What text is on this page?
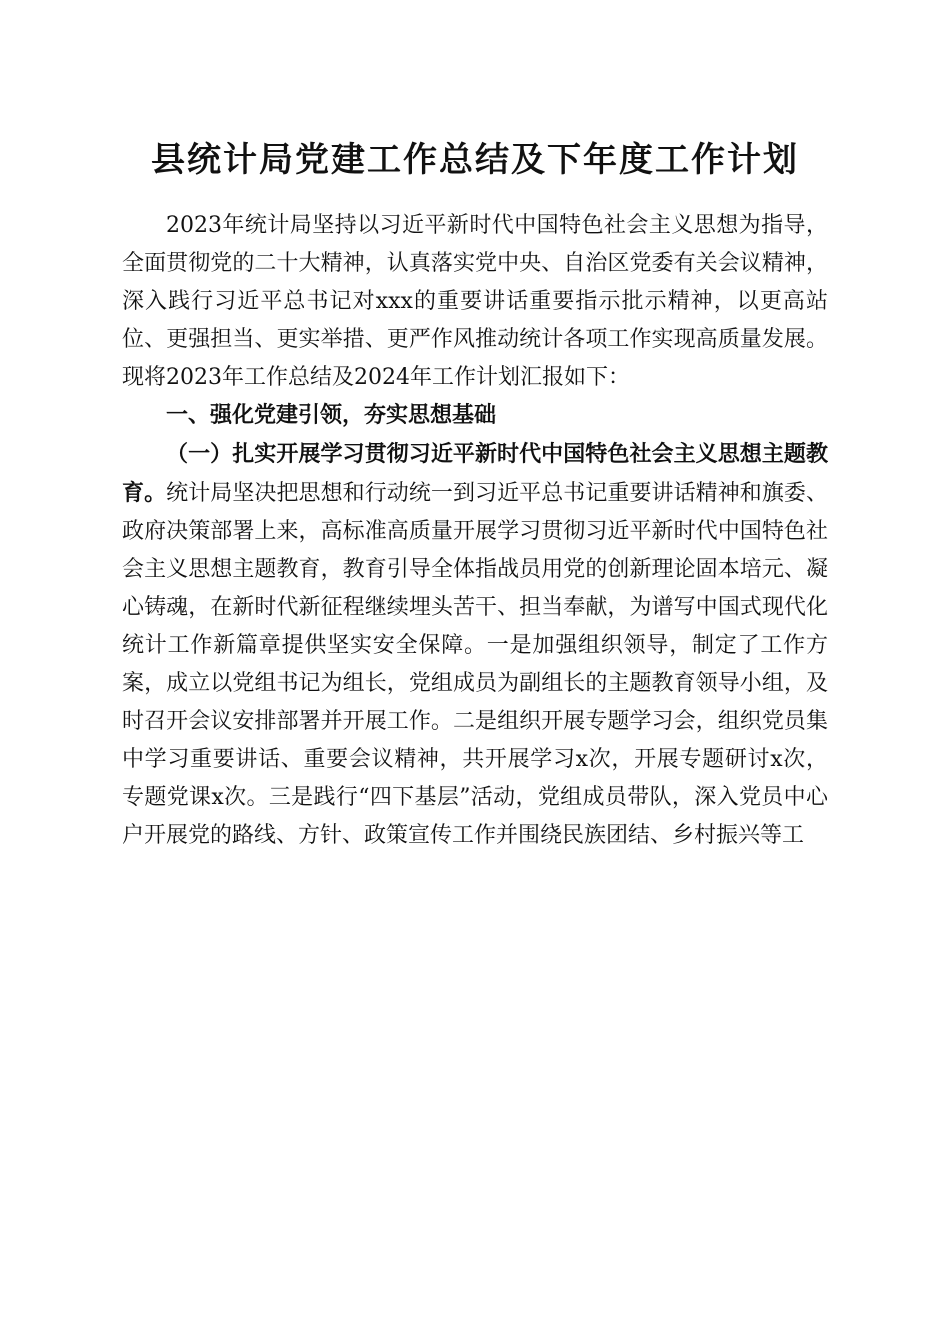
县统计局党建工作总结及下年度工作计划

2023年统计局坚持以习近平新时代中国特色社会主义思想为指导，全面贯彻党的二十大精神，认真落实党中央、自治区党委有关会议精神，深入践行习近平总书记对xxx的重要讲话重要指示批示精神，以更高站位、更强担当、更实举措、更严作风推动统计各项工作实现高质量发展。现将2023年工作总结及2024年工作计划汇报如下：

一、强化党建引领，夯实思想基础

（一）扎实开展学习贯彻习近平新时代中国特色社会主义思想主题教育。统计局坚决把思想和行动统一到习近平总书记重要讲话精神和旗委、政府决策部署上来，高标准高质量开展学习贯彻习近平新时代中国特色社会主义思想主题教育，教育引导全体指战员用党的创新理论固本培元、凝心铸魂，在新时代新征程继续埋头苦干、担当奉献，为谱写中国式现代化统计工作新篇章提供坚实安全保障。一是加强组织领导，制定了工作方案，成立以党组书记为组长，党组成员为副组长的主题教育领导小组，及时召开会议安排部署并开展工作。二是组织开展专题学习会，组织党员集中学习重要讲话、重要会议精神，共开展学习x次，开展专题研讨x次，专题党课x次。三是践行“四下基层”活动，党组成员带队，深入党员中心户开展党的路线、方针、政策宣传工作并围绕民族团结、乡村振兴等工
